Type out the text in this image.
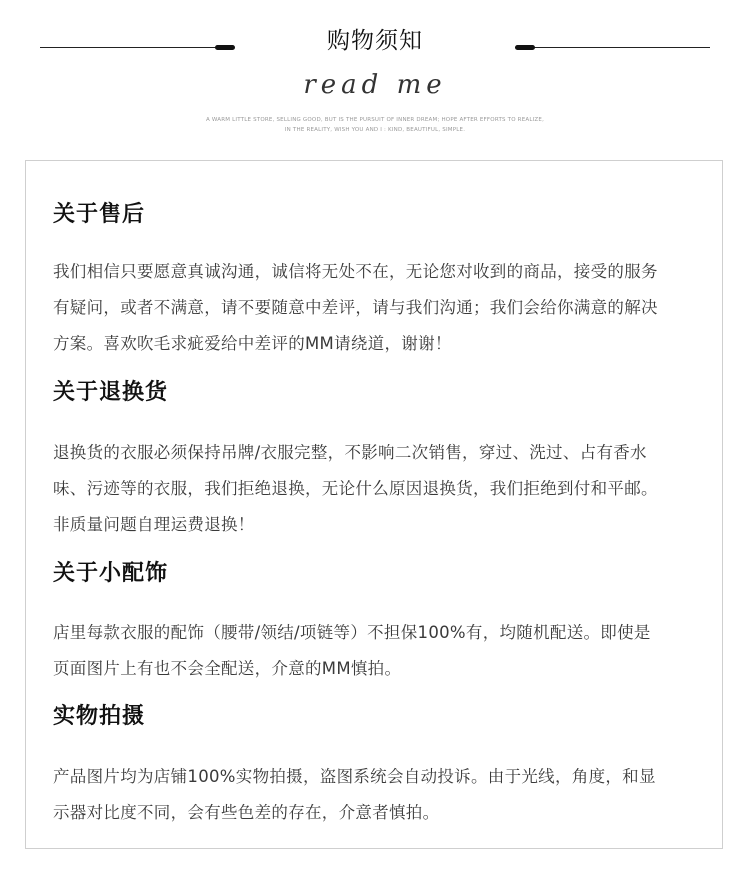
购物须知
read me
A WARM LITTLE STORE, SELLING GOOD, BUT IS THE PURSUIT OF INNER DREAM; HOPE AFTER EFFORTS TO REALIZE,
IN THE REALITY, WISH YOU AND I : KIND, BEAUTIFUL, SIMPLE.
关于售后
我们相信只要愿意真诚沟通，诚信将无处不在，无论您对收到的商品，接受的服务
有疑问，或者不满意，请不要随意中差评，请与我们沟通；我们会给你满意的解决
方案。喜欢吹毛求疵爱给中差评的MM请绕道，谢谢！
关于退换货
退换货的衣服必须保持吊牌/衣服完整，不影响二次销售，穿过、洗过、占有香水
味、污迹等的衣服，我们拒绝退换，无论什么原因退换货，我们拒绝到付和平邮。
非质量问题自理运费退换！
关于小配饰
店里每款衣服的配饰（腰带/领结/项链等）不担保100%有，均随机配送。即使是
页面图片上有也不会全配送，介意的MM慎拍。
实物拍摄
产品图片均为店铺100%实物拍摄，盗图系统会自动投诉。由于光线，角度，和显
示器对比度不同，会有些色差的存在，介意者慎拍。
